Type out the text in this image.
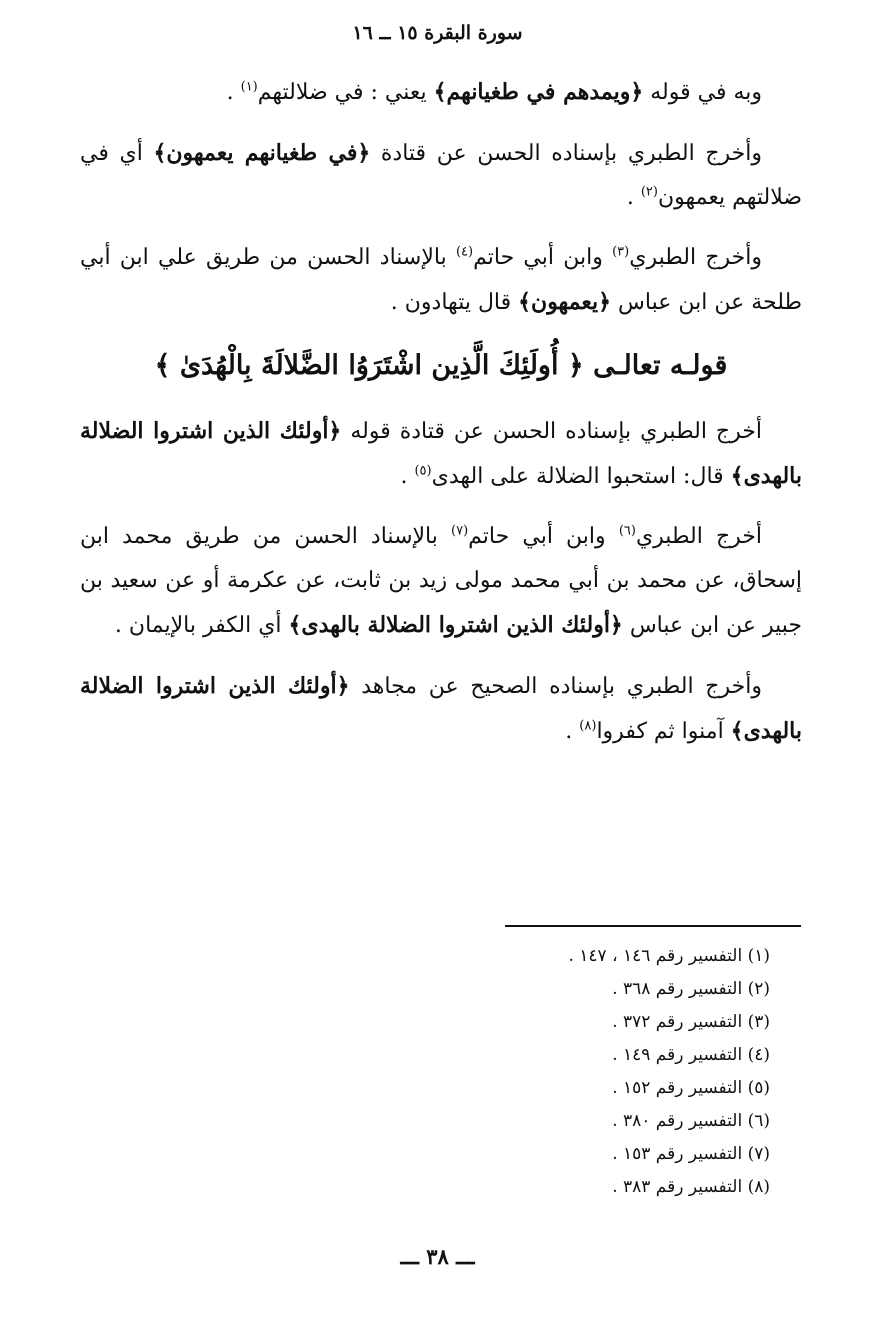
سورة البقرة ١٥ ــ ١٦

وبه في قوله ﴿ويمدهم في طغيانهم﴾ يعني : في ضلالتهم$^{(١)}$ .

وأخرج الطبري بإسناده الحسن عن قتادة ﴿في طغيانهم يعمهون﴾ أي في ضلالتهم يعمهون$^{(٢)}$ .

وأخرج الطبري$^{(٣)}$ وابن أبي حاتم$^{(٤)}$ بالإسناد الحسن من طريق علي ابن أبي طلحة عن ابن عباس ﴿يعمهون﴾ قال يتهادون .

قولـه تعالـى ﴿ أُولَئِكَ الَّذِين اشْتَرَوُا الضَّلالَةَ بِالْهُدَىٰ ﴾

أخرج الطبري بإسناده الحسن عن قتادة قوله ﴿أولئك الذين اشتروا الضلالة بالهدى﴾ قال: استحبوا الضلالة على الهدى$^{(٥)}$ .

أخرج الطبري$^{(٦)}$ وابن أبي حاتم$^{(٧)}$ بالإسناد الحسن من طريق محمد ابن إسحاق، عن محمد بن أبي محمد مولى زيد بن ثابت، عن عكرمة أو عن سعيد بن جبير عن ابن عباس ﴿أولئك الذين اشتروا الضلالة بالهدى﴾ أي الكفر بالإيمان .

وأخرج الطبري بإسناده الصحيح عن مجاهد ﴿أولئك الذين اشتروا الضلالة بالهدى﴾ آمنوا ثم كفروا$^{(٨)}$ .

(١) التفسير رقم ١٤٦ ، ١٤٧ .
(٢) التفسير رقم ٣٦٨ .
(٣) التفسير رقم ٣٧٢ .
(٤) التفسير رقم ١٤٩ .
(٥) التفسير رقم ١٥٢ .
(٦) التفسير رقم ٣٨٠ .
(٧) التفسير رقم ١٥٣ .
(٨) التفسير رقم ٣٨٣ .
ـــ ٣٨ ـــ
